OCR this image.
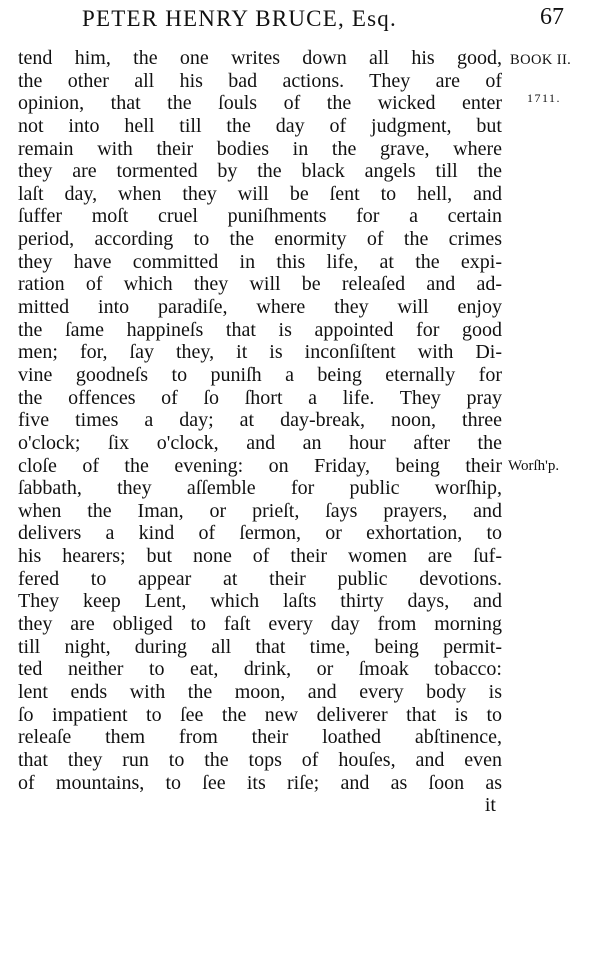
PETER HENRY BRUCE, Esq.	67
tend him, the one writes down all his good,
the other all his bad actions. They are of
opinion, that the ſouls of the wicked enter
not into hell till the day of judgment, but
remain with their bodies in the grave, where
they are tormented by the black angels till the
laſt day, when they will be ſent to hell, and
ſuffer moſt cruel puniſhments for a certain
period, according to the enormity of the crimes
they have committed in this life, at the expi-
ration of which they will be releaſed and ad-
mitted into paradiſe, where they will enjoy
the ſame happineſs that is appointed for good
men; for, ſay they, it is inconſiſtent with Di-
vine goodneſs to puniſh a being eternally for
the offences of ſo ſhort a life. They pray
five times a day; at day-break, noon, three
o'clock; ſix o'clock, and an hour after the
cloſe of the evening: on Friday, being their
ſabbath, they aſſemble for public worſhip,
when the Iman, or prieſt, ſays prayers, and
delivers a kind of ſermon, or exhortation, to
his hearers; but none of their women are ſuf-
fered to appear at their public devotions.
They keep Lent, which laſts thirty days, and
they are obliged to faſt every day from morning
till night, during all that time, being permit-
ted neither to eat, drink, or ſmoak tobacco:
lent ends with the moon, and every body is
ſo impatient to ſee the new deliverer that is to
releaſe them from their loathed abſtinence,
that they run to the tops of houſes, and even
of mountains, to ſee its riſe; and as ſoon as
it
BOOK II.
1711.
Worſh'p.
